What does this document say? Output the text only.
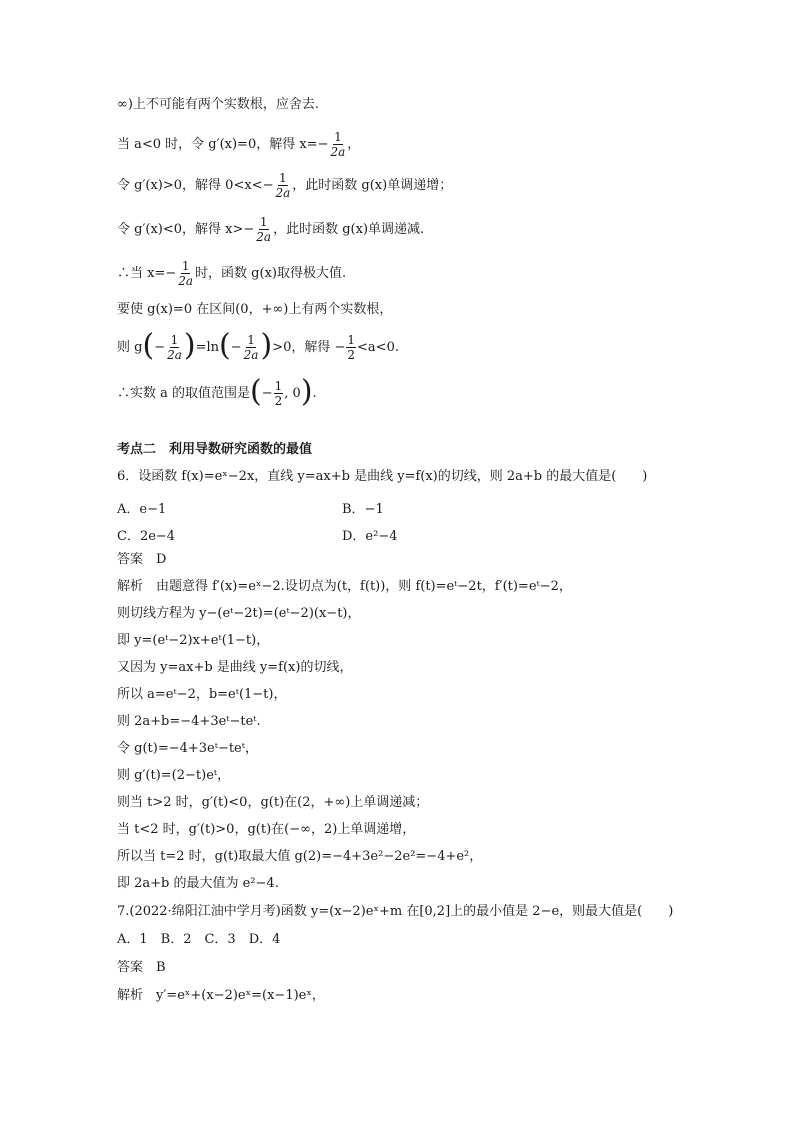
∞)上不可能有两个实数根，应舍去.
当 a<0 时，令 g′(x)=0，解得 $x=- \frac{1}{2a}$ ，
令 g′(x)>0，解得 $0<x<- \frac{1}{2a}$ ，此时函数 g(x)单调递增；
令 g′(x)<0，解得 $x>- \frac{1}{2a}$ ，此时函数 g(x)单调递减.
∴当 $x=- \frac{1}{2a}$ 时，函数 g(x)取得极大值.
要使 g(x)=0 在区间(0，+∞)上有两个实数根，
则 $g(- \frac{1}{2a} )=\ln(- \frac{1}{2a} )>0$，解得 − $\frac{1}{2} <a<0$.
∴实数 a 的取值范围是(− $\frac{1}{2}$ , 0).
考点二　利用导数研究函数的最值
6．设函数 f(x)=eˣ−2x，直线 y=ax+b 是曲线 y=f(x)的切线，则 2a+b 的最大值是(　　)
A．e−1	B．−1
C．2e−4	D．e²−4
答案　D
解析　由题意得 f′(x)=eˣ−2.设切点为(t，f(t))，则 f(t)=eᵗ−2t，f′(t)=eᵗ−2，
则切线方程为 y−(eᵗ−2t)=(eᵗ−2)(x−t)，
即 y=(eᵗ−2)x+eᵗ(1−t)，
又因为 y=ax+b 是曲线 y=f(x)的切线，
所以 a=eᵗ−2，b=eᵗ(1−t)，
则 2a+b=−4+3eᵗ−teᵗ.
令 g(t)=−4+3eᵗ−teᵗ，
则 g′(t)=(2−t)eᵗ，
则当 t>2 时，g′(t)<0，g(t)在(2，+∞)上单调递减；
当 t<2 时，g′(t)>0，g(t)在(−∞，2)上单调递增，
所以当 t=2 时，g(t)取最大值 g(2)=−4+3e²−2e²=−4+e²，
即 2a+b 的最大值为 e²−4.
7.(2022·绵阳江油中学月考)函数 y=(x−2)eˣ+m 在[0,2]上的最小值是 2−e，则最大值是(　　)
A．1　B．2　C．3　D．4
答案　B
解析　y′=eˣ+(x−2)eˣ=(x−1)eˣ，
